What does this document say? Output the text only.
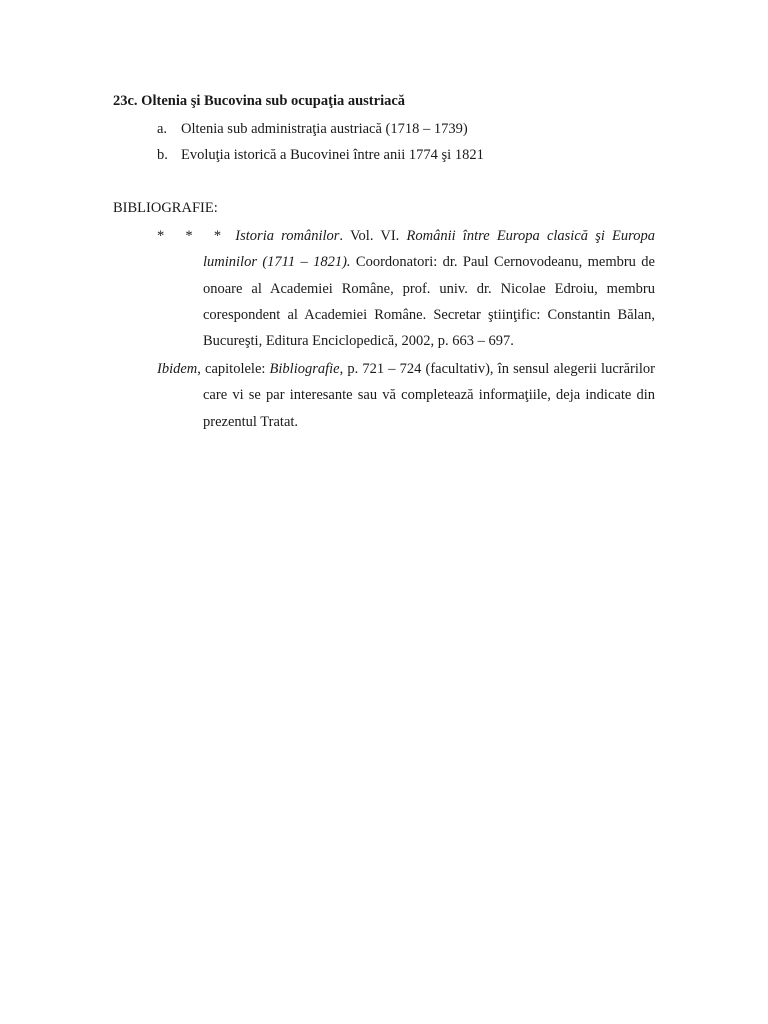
23c. Oltenia şi Bucovina sub ocupaţia austriacă
a. Oltenia sub administraţia austriacă (1718 – 1739)
b. Evoluţia istorică a Bucovinei între anii 1774 şi 1821
BIBLIOGRAFIE:

* * * Istoria românilor. Vol. VI. Românii între Europa clasică şi Europa luminilor (1711 – 1821). Coordonatori: dr. Paul Cernovodeanu, membru de onoare al Academiei Române, prof. univ. dr. Nicolae Edroiu, membru corespondent al Academiei Române. Secretar ştiinţific: Constantin Bălan, Bucureşti, Editura Enciclopedică, 2002, p. 663 – 697.

Ibidem, capitolele: Bibliografie, p. 721 – 724 (facultativ), în sensul alegerii lucrărilor care vi se par interesante sau vă completează informaţiile, deja indicate din prezentul Tratat.
